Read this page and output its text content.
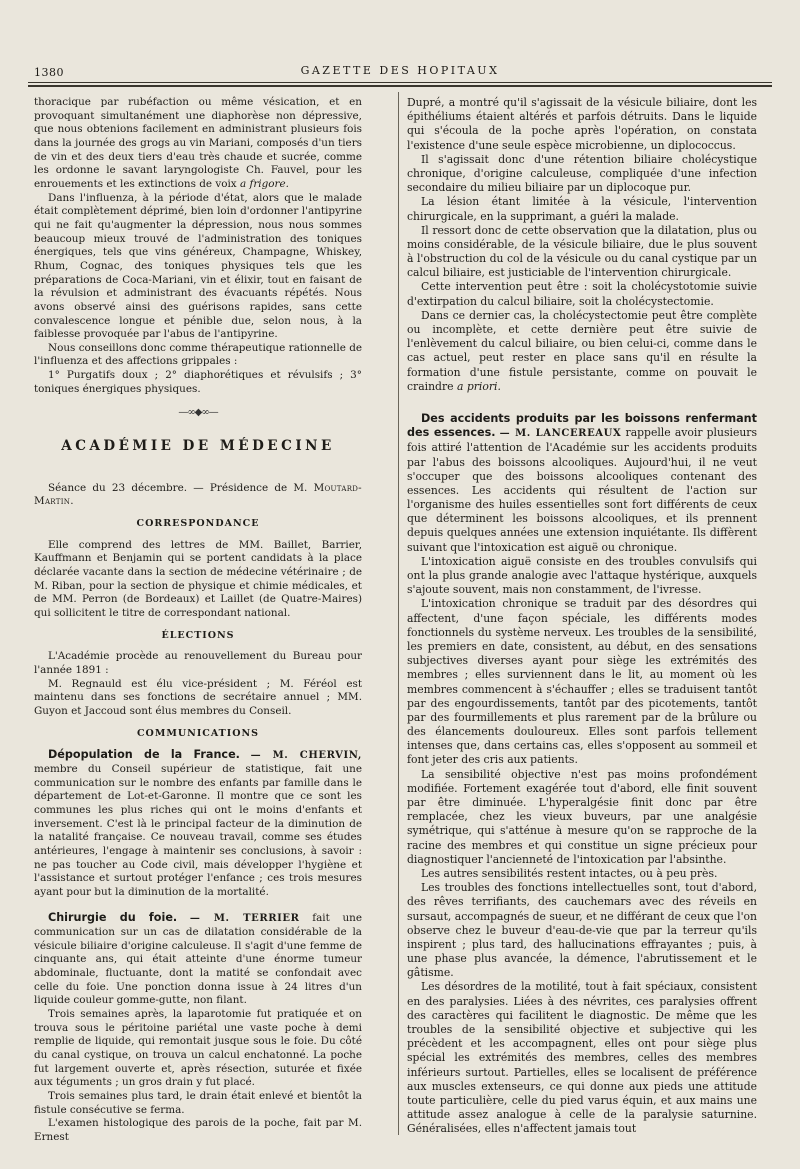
1380	GAZETTE DES HOPITAUX

thoracique par rubéfaction ou même vésication, et en provoquant simultanément une diaphorèse non dépressive, que nous obtenions facilement en administrant plusieurs fois dans la journée des grogs au vin Mariani, composés d'un tiers de vin et des deux tiers d'eau très chaude et sucrée, comme les ordonne le savant laryngologiste Ch. Fauvel, pour les enrouements et les extinctions de voix a frigore.

Dans l'influenza, à la période d'état, alors que le malade était complètement déprimé, bien loin d'ordonner l'antipyrine qui ne fait qu'augmenter la dépression, nous nous sommes beaucoup mieux trouvé de l'administration des toniques énergiques, tels que vins généreux, Champagne, Whiskey, Rhum, Cognac, des toniques physiques tels que les préparations de Coca-Mariani, vin et élixir, tout en faisant de la révulsion et administrant des évacuants répétés. Nous avons observé ainsi des guérisons rapides, sans cette convalescence longue et pénible due, selon nous, à la faiblesse provoquée par l'abus de l'antipyrine.

Nous conseillons donc comme thérapeutique rationnelle de l'influenza et des affections grippales :

1° Purgatifs doux ; 2° diaphorétiques et révulsifs ; 3° toniques énergiques physiques.

—∞◆∞—
ACADÉMIE DE MÉDECINE

Séance du 23 décembre. — Présidence de M. Moutard-Martin.

CORRESPONDANCE

Elle comprend des lettres de MM. Baillet, Barrier, Kauffmann et Benjamin qui se portent candidats à la place déclarée vacante dans la section de médecine vétérinaire ; de M. Riban, pour la section de physique et chimie médicales, et de MM. Perron (de Bordeaux) et Laillet (de Quatre-Maires) qui sollicitent le titre de correspondant national.

ÉLECTIONS

L'Académie procède au renouvellement du Bureau pour l'année 1891 :

M. Regnauld est élu vice-président ; M. Féréol est maintenu dans ses fonctions de secrétaire annuel ; MM. Guyon et Jaccoud sont élus membres du Conseil.

COMMUNICATIONS

Dépopulation de la France. — M. CHERVIN, membre du Conseil supérieur de statistique, fait une communication sur le nombre des enfants par famille dans le département de Lot-et-Garonne. Il montre que ce sont les communes les plus riches qui ont le moins d'enfants et inversement. C'est là le principal facteur de la diminution de la natalité française. Ce nouveau travail, comme ses études antérieures, l'engage à maintenir ses conclusions, à savoir : ne pas toucher au Code civil, mais développer l'hygiène et l'assistance et surtout protéger l'enfance ; ces trois mesures ayant pour but la diminution de la mortalité.

Chirurgie du foie. — M. TERRIER fait une communication sur un cas de dilatation considérable de la vésicule biliaire d'origine calculeuse. Il s'agit d'une femme de cinquante ans, qui était atteinte d'une énorme tumeur abdominale, fluctuante, dont la matité se confondait avec celle du foie. Une ponction donna issue à 24 litres d'un liquide couleur gomme-gutte, non filant.

Trois semaines après, la laparotomie fut pratiquée et on trouva sous le péritoine pariétal une vaste poche à demi remplie de liquide, qui remontait jusque sous le foie. Du côté du canal cystique, on trouva un calcul enchatonné. La poche fut largement ouverte et, après résection, suturée et fixée aux téguments ; un gros drain y fut placé.

Trois semaines plus tard, le drain était enlevé et bientôt la fistule consécutive se ferma.

L'examen histologique des parois de la poche, fait par M. Ernest

Dupré, a montré qu'il s'agissait de la vésicule biliaire, dont les épithéliums étaient altérés et parfois détruits. Dans le liquide qui s'écoula de la poche après l'opération, on constata l'existence d'une seule espèce microbienne, un diplococcus.

Il s'agissait donc d'une rétention biliaire cholécystique chronique, d'origine calculeuse, compliquée d'une infection secondaire du milieu biliaire par un diplocoque pur.

La lésion étant limitée à la vésicule, l'intervention chirurgicale, en la supprimant, a guéri la malade.

Il ressort donc de cette observation que la dilatation, plus ou moins considérable, de la vésicule biliaire, due le plus souvent à l'obstruction du col de la vésicule ou du canal cystique par un calcul biliaire, est justiciable de l'intervention chirurgicale.

Cette intervention peut être : soit la cholécystotomie suivie d'extirpation du calcul biliaire, soit la cholécystectomie.

Dans ce dernier cas, la cholécystectomie peut être complète ou incomplète, et cette dernière peut être suivie de l'enlèvement du calcul biliaire, ou bien celui-ci, comme dans le cas actuel, peut rester en place sans qu'il en résulte la formation d'une fistule persistante, comme on pouvait le craindre a priori.

Des accidents produits par les boissons renfermant des essences. — M. LANCEREAUX rappelle avoir plusieurs fois attiré l'attention de l'Académie sur les accidents produits par l'abus des boissons alcooliques. Aujourd'hui, il ne veut s'occuper que des boissons alcooliques contenant des essences. Les accidents qui résultent de l'action sur l'organisme des huiles essentielles sont fort différents de ceux que déterminent les boissons alcooliques, et ils prennent depuis quelques années une extension inquiétante. Ils diffèrent suivant que l'intoxication est aiguë ou chronique.

L'intoxication aiguë consiste en des troubles convulsifs qui ont la plus grande analogie avec l'attaque hystérique, auxquels s'ajoute souvent, mais non constamment, de l'ivresse.

L'intoxication chronique se traduit par des désordres qui affectent, d'une façon spéciale, les différents modes fonctionnels du système nerveux. Les troubles de la sensibilité, les premiers en date, consistent, au début, en des sensations subjectives diverses ayant pour siège les extrémités des membres ; elles surviennent dans le lit, au moment où les membres commencent à s'échauffer ; elles se traduisent tantôt par des engourdissements, tantôt par des picotements, tantôt par des fourmillements et plus rarement par de la brûlure ou des élancements douloureux. Elles sont parfois tellement intenses que, dans certains cas, elles s'opposent au sommeil et font jeter des cris aux patients.

La sensibilité objective n'est pas moins profondément modifiée. Fortement exagérée tout d'abord, elle finit souvent par être diminuée. L'hyperalgésie finit donc par être remplacée, chez les vieux buveurs, par une analgésie symétrique, qui s'atténue à mesure qu'on se rapproche de la racine des membres et qui constitue un signe précieux pour diagnostiquer l'ancienneté de l'intoxication par l'absinthe.

Les autres sensibilités restent intactes, ou à peu près.

Les troubles des fonctions intellectuelles sont, tout d'abord, des rêves terrifiants, des cauchemars avec des réveils en sursaut, accompagnés de sueur, et ne différant de ceux que l'on observe chez le buveur d'eau-de-vie que par la terreur qu'ils inspirent ; plus tard, des hallucinations effrayantes ; puis, à une phase plus avancée, la démence, l'abrutissement et le gâtisme.

Les désordres de la motilité, tout à fait spéciaux, consistent en des paralysies. Liées à des névrites, ces paralysies offrent des caractères qui facilitent le diagnostic. De même que les troubles de la sensibilité objective et subjective qui les précèdent et les accompagnent, elles ont pour siège plus spécial les extrémités des membres, celles des membres inférieurs surtout. Partielles, elles se localisent de préférence aux muscles extenseurs, ce qui donne aux pieds une attitude toute particulière, celle du pied varus équin, et aux mains une attitude assez analogue à celle de la paralysie saturnine. Généralisées, elles n'affectent jamais tout
